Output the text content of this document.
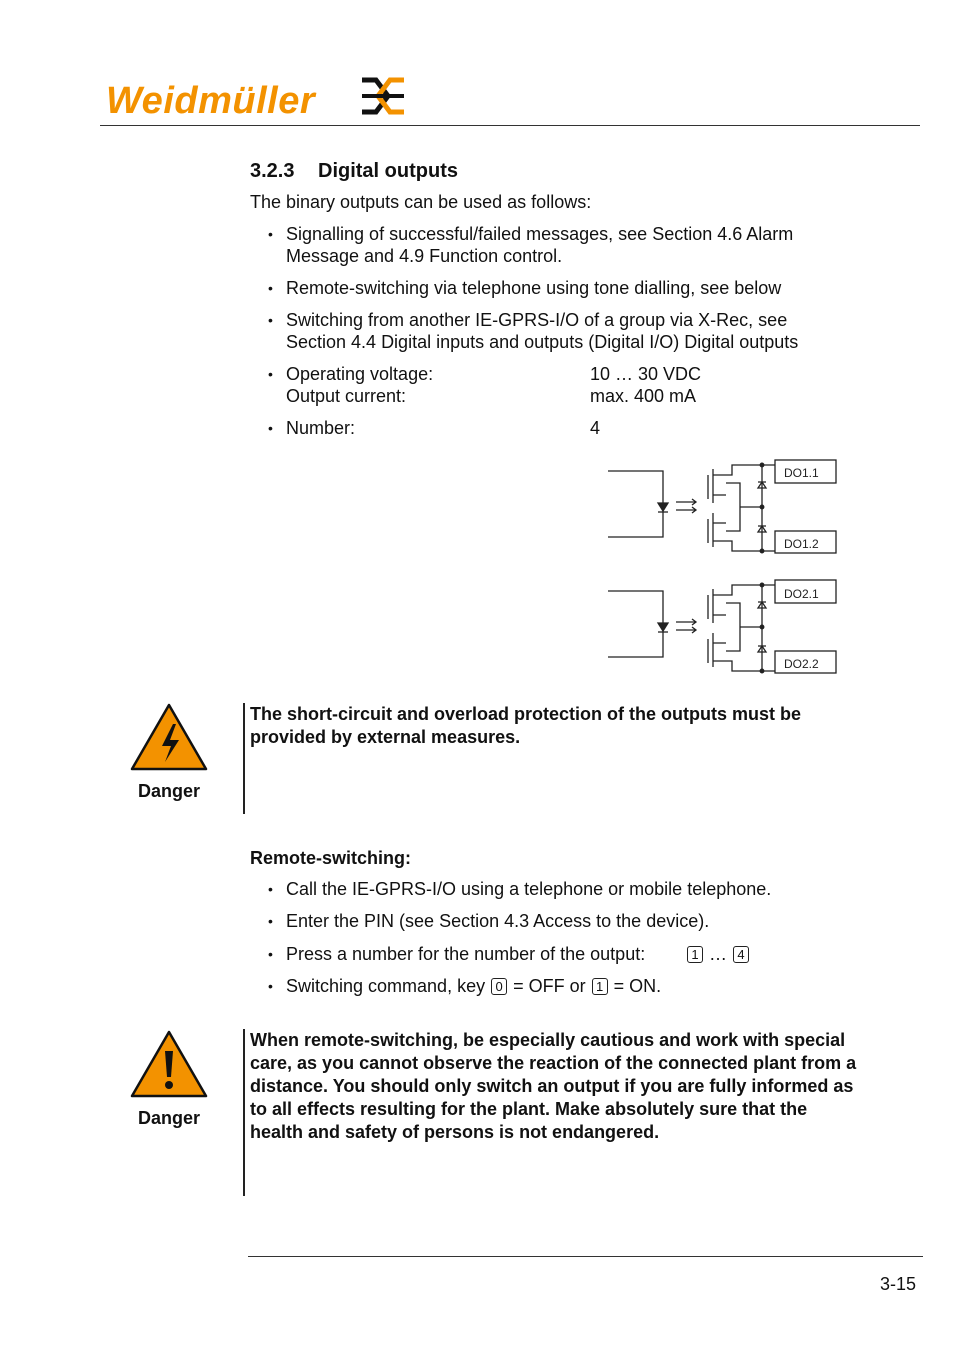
Weidmüller
3.2.3 Digital outputs
The binary outputs can be used as follows:
• Signalling of successful/failed messages, see Section 4.6 Alarm Message and 4.9 Function control.
• Remote-switching via telephone using tone dialling, see below
• Switching from another IE-GPRS-I/O of a group via X-Rec, see Section 4.4 Digital inputs and outputs (Digital I/O) Digital outputs
• Operating voltage:	10 … 30 VDC
Output current:	max. 400 mA
• Number:	4
DO1.1
DO1.2
DO2.1
DO2.2
Danger
The short-circuit and overload protection of the outputs must be provided by external measures.
Remote-switching:
• Call the IE-GPRS-I/O using a telephone or mobile telephone.
• Enter the PIN (see Section 4.3 Access to the device).
• Press a number for the number of the output:	1 … 4
• Switching command, key 0 = OFF or 1 = ON.
Danger
When remote-switching, be especially cautious and work with special care, as you cannot observe the reaction of the connected plant from a distance. You should only switch an output if you are fully informed as to all effects resulting for the plant. Make absolutely sure that the health and safety of persons is not endangered.
3-15
